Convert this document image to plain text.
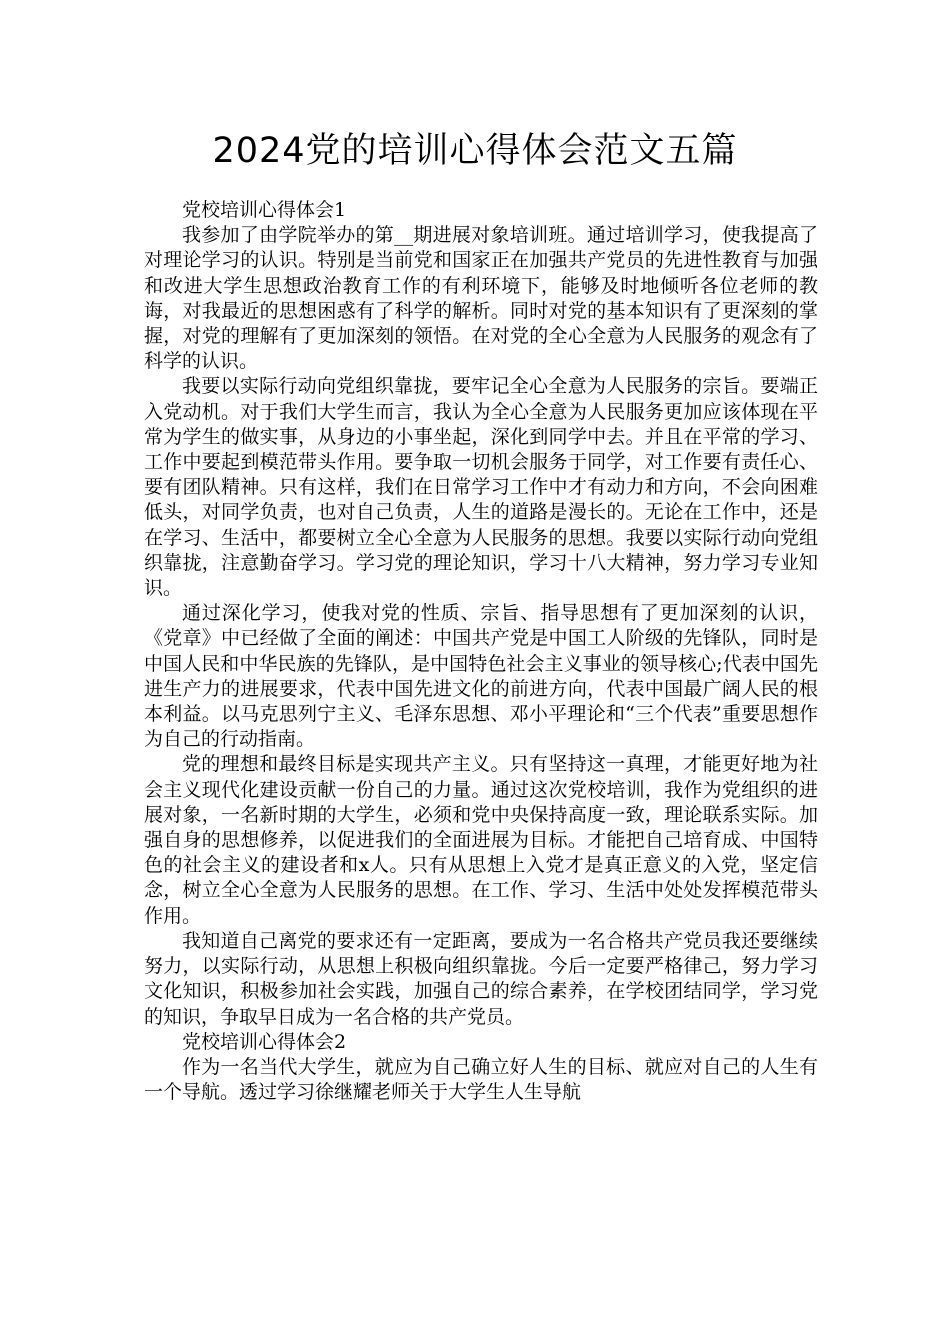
2024党的培训心得体会范文五篇

党校培训心得体会1

我参加了由学院举办的第__期进展对象培训班。通过培训学习，使我提高了对理论学习的认识。特别是当前党和国家正在加强共产党员的先进性教育与加强和改进大学生思想政治教育工作的有利环境下，能够及时地倾听各位老师的教诲，对我最近的思想困惑有了科学的解析。同时对党的基本知识有了更深刻的掌握，对党的理解有了更加深刻的领悟。在对党的全心全意为人民服务的观念有了科学的认识。

我要以实际行动向党组织靠拢，要牢记全心全意为人民服务的宗旨。要端正入党动机。对于我们大学生而言，我认为全心全意为人民服务更加应该体现在平常为学生的做实事，从身边的小事坐起，深化到同学中去。并且在平常的学习、工作中要起到模范带头作用。要争取一切机会服务于同学，对工作要有责任心、要有团队精神。只有这样，我们在日常学习工作中才有动力和方向，不会向困难低头，对同学负责，也对自己负责，人生的道路是漫长的。无论在工作中，还是在学习、生活中，都要树立全心全意为人民服务的思想。我要以实际行动向党组织靠拢，注意勤奋学习。学习党的理论知识，学习十八大精神，努力学习专业知识。

通过深化学习，使我对党的性质、宗旨、指导思想有了更加深刻的认识，《党章》中已经做了全面的阐述：中国共产党是中国工人阶级的先锋队，同时是中国人民和中华民族的先锋队，是中国特色社会主义事业的领导核心;代表中国先进生产力的进展要求，代表中国先进文化的前进方向，代表中国最广阔人民的根本利益。以马克思列宁主义、毛泽东思想、邓小平理论和“三个代表”重要思想作为自己的行动指南。

党的理想和最终目标是实现共产主义。只有坚持这一真理，才能更好地为社会主义现代化建设贡献一份自己的力量。通过这次党校培训，我作为党组织的进展对象，一名新时期的大学生，必须和党中央保持高度一致，理论联系实际。加强自身的思想修养，以促进我们的全面进展为目标。才能把自己培育成、中国特色的社会主义的建设者和x人。只有从思想上入党才是真正意义的入党，坚定信念，树立全心全意为人民服务的思想。在工作、学习、生活中处处发挥模范带头作用。

我知道自己离党的要求还有一定距离，要成为一名合格共产党员我还要继续努力，以实际行动，从思想上积极向组织靠拢。今后一定要严格律己，努力学习文化知识，积极参加社会实践，加强自己的综合素养，在学校团结同学，学习党的知识，争取早日成为一名合格的共产党员。

党校培训心得体会2

作为一名当代大学生，就应为自己确立好人生的目标、就应对自己的人生有一个导航。透过学习徐继耀老师关于大学生人生导航
